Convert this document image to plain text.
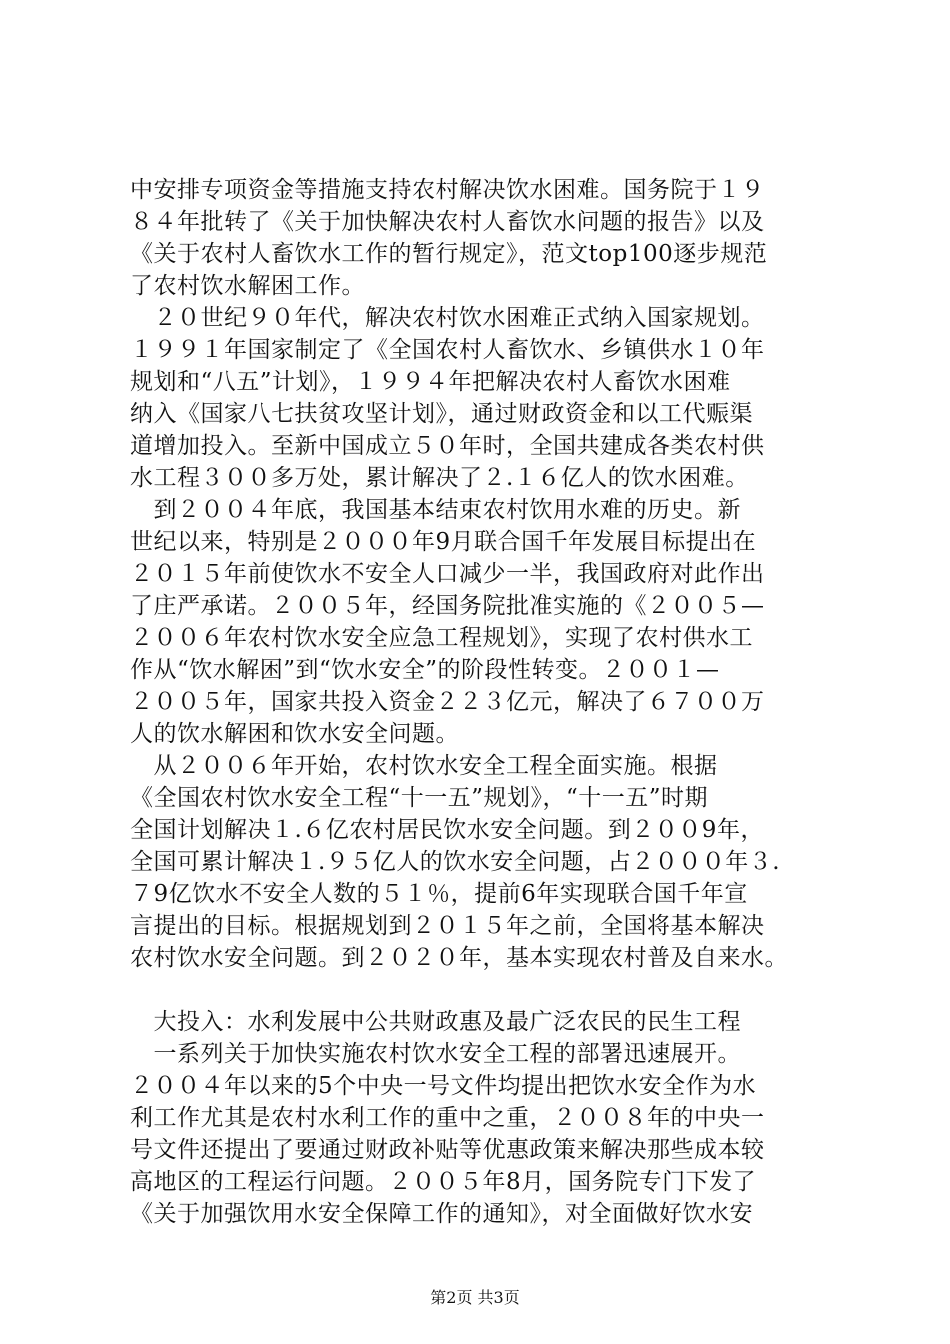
中安排专项资金等措施支持农村解决饮水困难。国务院于１９
８４年批转了《关于加快解决农村人畜饮水问题的报告》以及
《关于农村人畜饮水工作的暂行规定》，范文top100逐步规范
了农村饮水解困工作。
　２０世纪９０年代，解决农村饮水困难正式纳入国家规划。
１９９１年国家制定了《全国农村人畜饮水、乡镇供水１０年
规划和“八五”计划》，１９９４年把解决农村人畜饮水困难
纳入《国家八七扶贫攻坚计划》，通过财政资金和以工代赈渠
道增加投入。至新中国成立５０年时，全国共建成各类农村供
水工程３００多万处，累计解决了２.１６亿人的饮水困难。
　到２００４年底，我国基本结束农村饮用水难的历史。新
世纪以来，特别是２０００年9月联合国千年发展目标提出在
２０１５年前使饮水不安全人口减少一半，我国政府对此作出
了庄严承诺。２００５年，经国务院批准实施的《２００５—
２００６年农村饮水安全应急工程规划》，实现了农村供水工
作从“饮水解困”到“饮水安全”的阶段性转变。２００１—
２００５年，国家共投入资金２２３亿元，解决了６７００万
人的饮水解困和饮水安全问题。
　从２００６年开始，农村饮水安全工程全面实施。根据
《全国农村饮水安全工程“十一五”规划》，“十一五”时期
全国计划解决１.６亿农村居民饮水安全问题。到２００9年，
全国可累计解决１.９５亿人的饮水安全问题，占２０００年３.
７9亿饮水不安全人数的５１％，提前6年实现联合国千年宣
言提出的目标。根据规划到２０１５年之前，全国将基本解决
农村饮水安全问题。到２０２０年，基本实现农村普及自来水。
　大投入：水利发展中公共财政惠及最广泛农民的民生工程
　一系列关于加快实施农村饮水安全工程的部署迅速展开。
２００４年以来的5个中央一号文件均提出把饮水安全作为水
利工作尤其是农村水利工作的重中之重，２００８年的中央一
号文件还提出了要通过财政补贴等优惠政策来解决那些成本较
高地区的工程运行问题。２００５年8月，国务院专门下发了
《关于加强饮用水安全保障工作的通知》，对全面做好饮水安
第2页 共3页
